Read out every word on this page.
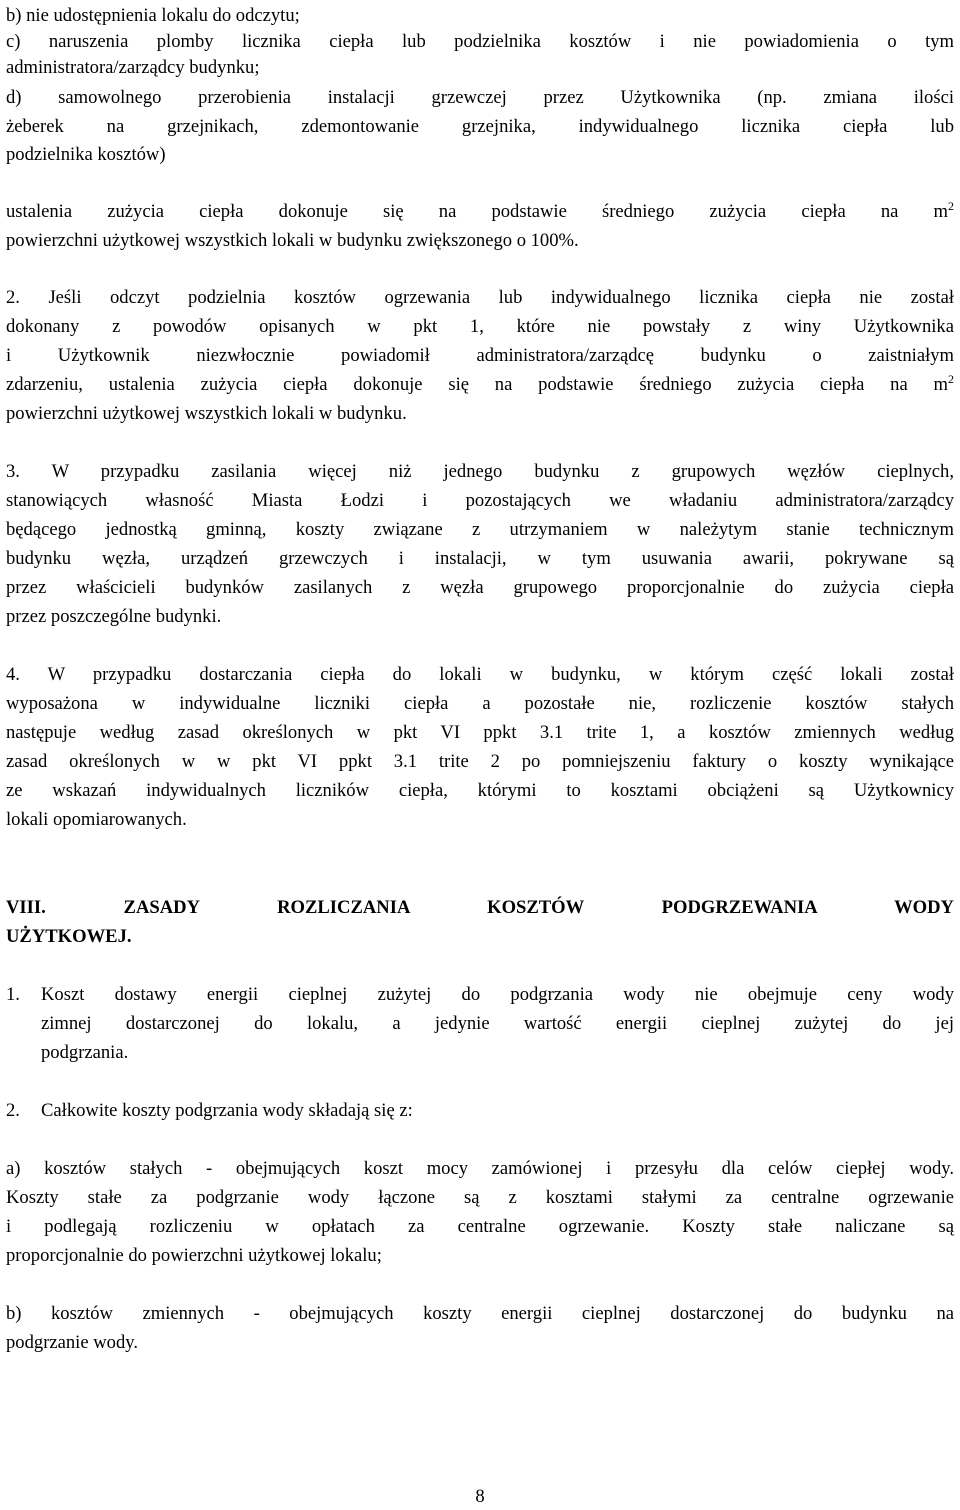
b) nie udostępnienia lokalu do odczytu;
c) naruszenia plomby licznika ciepła lub podzielnika kosztów i nie powiadomienia o tym
administratora/zarządcy budynku;
d) samowolnego przerobienia instalacji grzewczej przez Użytkownika (np. zmiana ilości
żeberek na grzejnikach, zdemontowanie grzejnika, indywidualnego licznika ciepła lub
podzielnika kosztów)
ustalenia zużycia ciepła dokonuje się na podstawie średniego zużycia ciepła na $m^2$
powierzchni użytkowej wszystkich lokali w budynku zwiększonego o 100%.
2. Jeśli odczyt podzielnia kosztów ogrzewania lub indywidualnego licznika ciepła nie został
dokonany z powodów opisanych w pkt 1, które nie powstały z winy Użytkownika
i Użytkownik niezwłocznie powiadomił administratora/zarządcę budynku o zaistniałym
zdarzeniu, ustalenia zużycia ciepła dokonuje się na podstawie średniego zużycia ciepła na $m^2$
powierzchni użytkowej wszystkich lokali w budynku.
3. W przypadku zasilania więcej niż jednego budynku z grupowych węzłów cieplnych,
stanowiących własność Miasta Łodzi i pozostających we władaniu administratora/zarządcy
będącego jednostką gminną, koszty związane z utrzymaniem w należytym stanie technicznym
budynku węzła, urządzeń grzewczych i instalacji, w tym usuwania awarii, pokrywane są
przez właścicieli budynków zasilanych z węzła grupowego proporcjonalnie do zużycia ciepła
przez poszczególne budynki.
4. W przypadku dostarczania ciepła do lokali w budynku, w którym część lokali został
wyposażona w indywidualne liczniki ciepła a pozostałe nie, rozliczenie kosztów stałych
następuje według zasad określonych w pkt VI ppkt 3.1 trite 1, a kosztów zmiennych według
zasad określonych w w pkt VI ppkt 3.1 trite 2 po pomniejszeniu faktury o koszty wynikające
ze wskazań indywidualnych liczników ciepła, którymi to kosztami obciążeni są Użytkownicy
lokali opomiarowanych.
VIII. ZASADY ROZLICZANIA KOSZTÓW PODGRZEWANIA WODY
UŻYTKOWEJ.
1. Koszt dostawy energii cieplnej zużytej do podgrzania wody nie obejmuje ceny wody
zimnej dostarczonej do lokalu, a jedynie wartość energii cieplnej zużytej do jej
podgrzania.
2. Całkowite koszty podgrzania wody składają się z:
a) kosztów stałych - obejmujących koszt mocy zamówionej i przesyłu dla celów ciepłej wody.
Koszty stałe za podgrzanie wody łączone są z kosztami stałymi za centralne ogrzewanie
i podlegają rozliczeniu w opłatach za centralne ogrzewanie. Koszty stałe naliczane są
proporcjonalnie do powierzchni użytkowej lokalu;
b) kosztów zmiennych - obejmujących koszty energii cieplnej dostarczonej do budynku na
podgrzanie wody.
8
